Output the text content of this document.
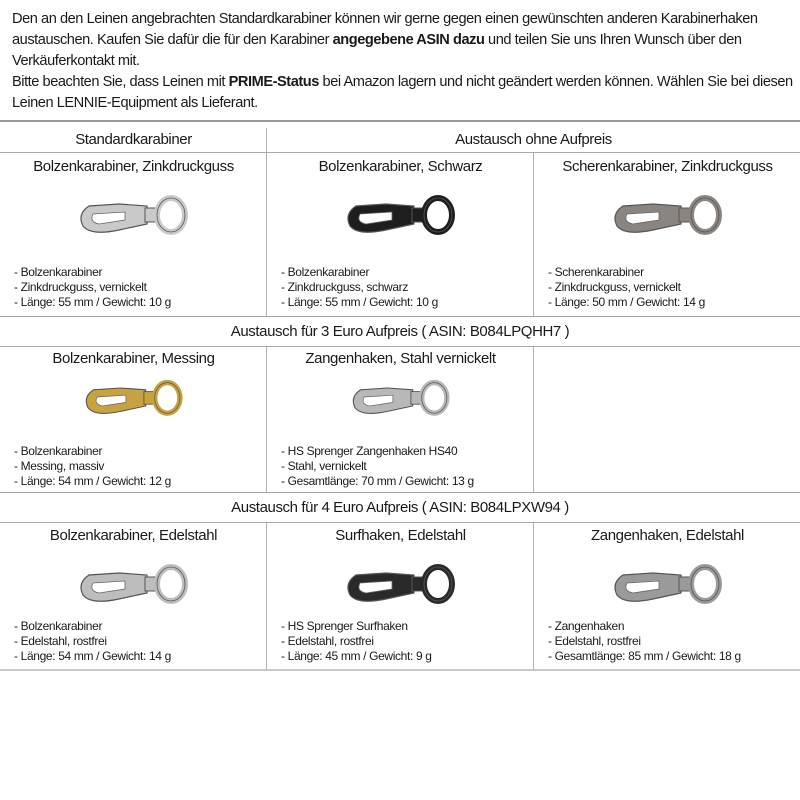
Den an den Leinen angebrachten Standardkarabiner können wir gerne gegen einen gewünschten anderen Karabinerhaken austauschen. Kaufen Sie dafür die für den Karabiner angegebene ASIN dazu und teilen Sie uns Ihren Wunsch über den Verkäuferkontakt mit.

Bitte beachten Sie, dass Leinen mit PRIME-Status bei Amazon lagern und nicht geändert werden können. Wählen Sie bei diesen Leinen LENNIE-Equipment als Lieferant.

Standardkarabiner	Austausch ohne Aufpreis
Austausch für 3 Euro Aufpreis ( ASIN: B084LPQHH7 )
Austausch für 4 Euro Aufpreis ( ASIN: B084LPXW94 )
Bolzenkarabiner, Zinkdruckguss
- Bolzenkarabiner
- Zinkdruckguss, vernickelt
- Länge: 55 mm / Gewicht: 10 g
Bolzenkarabiner, Schwarz
- Bolzenkarabiner
- Zinkdruckguss, schwarz
- Länge: 55 mm / Gewicht: 10 g
Scherenkarabiner, Zinkdruckguss
- Scherenkarabiner
- Zinkdruckguss, vernickelt
- Länge: 50 mm / Gewicht: 14 g
Bolzenkarabiner, Messing
- Bolzenkarabiner
- Messing, massiv
- Länge: 54 mm / Gewicht: 12 g
Zangenhaken, Stahl vernickelt
- HS Sprenger Zangenhaken HS40
- Stahl, vernickelt
- Gesamtlänge: 70 mm / Gewicht: 13 g
Bolzenkarabiner, Edelstahl
- Bolzenkarabiner
- Edelstahl, rostfrei
- Länge: 54 mm / Gewicht: 14 g
Surfhaken, Edelstahl
- HS Sprenger Surfhaken
- Edelstahl, rostfrei
- Länge: 45 mm / Gewicht: 9 g
Zangenhaken, Edelstahl
- Zangenhaken
- Edelstahl, rostfrei
- Gesamtlänge: 85 mm / Gewicht: 18 g
